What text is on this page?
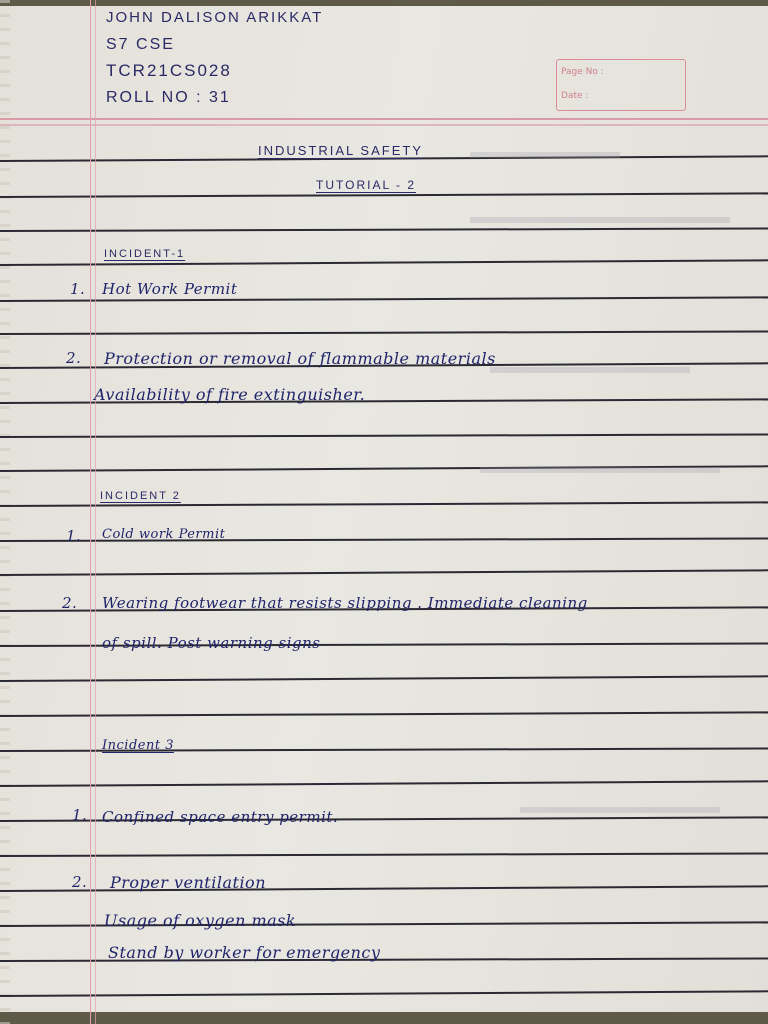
Page No :
Date :
JOHN DALISON ARIKKAT
S7 CSE
TCR21CS028
ROLL NO : 31
INDUSTRIAL SAFETY
TUTORIAL - 2
INCIDENT-1
1. Hot Work Permit
2. Protection or removal of flammable materials
Availability of fire extinguisher.
INCIDENT 2
1. Cold work Permit
2. Wearing footwear that resists slipping . Immediate cleaning
of spill. Post warning signs
Incident 3
1. Confined space entry permit.
2. Proper ventilation
Usage of oxygen mask
Stand by worker for emergency
